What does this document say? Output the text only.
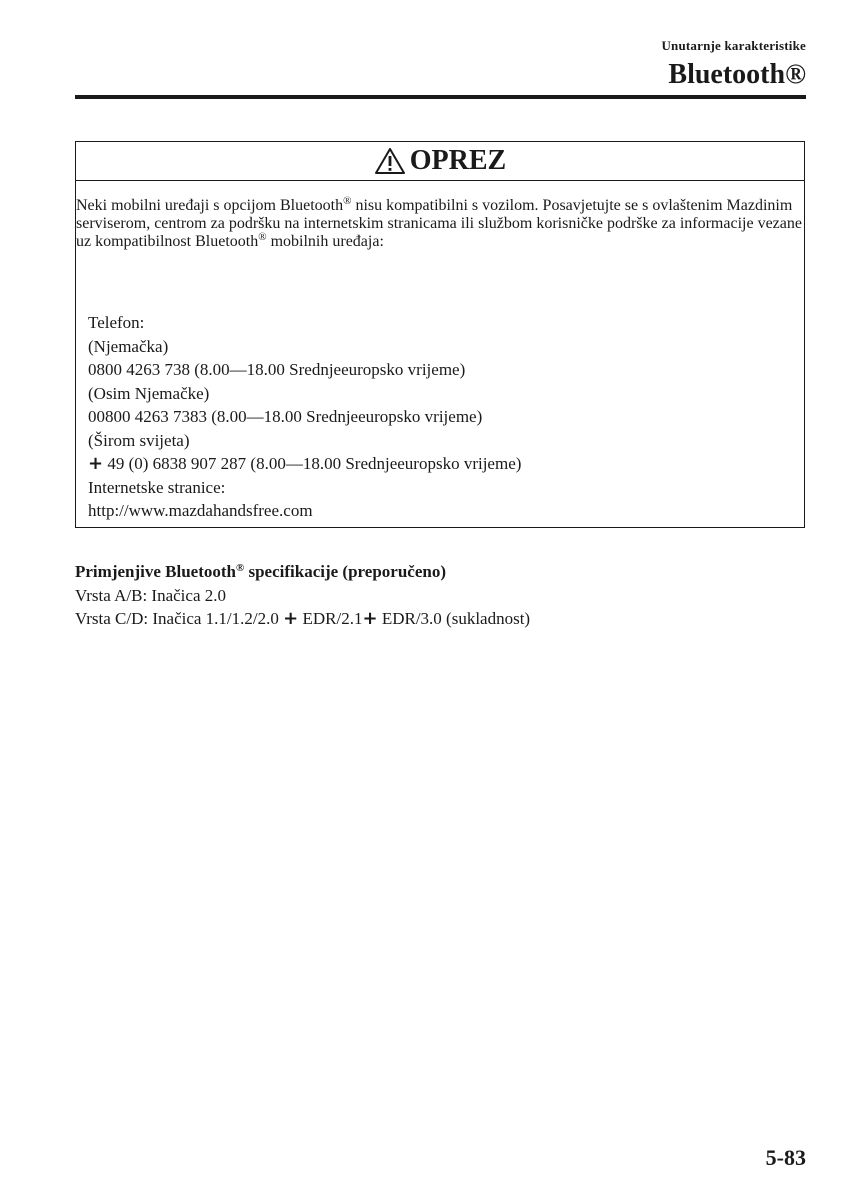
Unutarnje karakteristike
Bluetooth®
OPREZ

Neki mobilni uređaji s opcijom Bluetooth® nisu kompatibilni s vozilom. Posavjetujte se s ovlaštenim Mazdinim serviserom, centrom za podršku na internetskim stranicama ili službom korisničke podrške za informacije vezane uz kompatibilnost Bluetooth® mobilnih uređaja:

Telefon:
(Njemačka)
0800 4263 738 (8.00—18.00 Srednjeeuropsko vrijeme)
(Osim Njemačke)
00800 4263 7383 (8.00—18.00 Srednjeeuropsko vrijeme)
(Širom svijeta)
+ 49 (0) 6838 907 287 (8.00—18.00 Srednjeeuropsko vrijeme)
Internetske stranice:
http://www.mazdahandsfree.com
Primjenjive Bluetooth® specifikacije (preporučeno)
Vrsta A/B: Inačica 2.0
Vrsta C/D: Inačica 1.1/1.2/2.0 + EDR/2.1+ EDR/3.0 (sukladnost)
5-83
